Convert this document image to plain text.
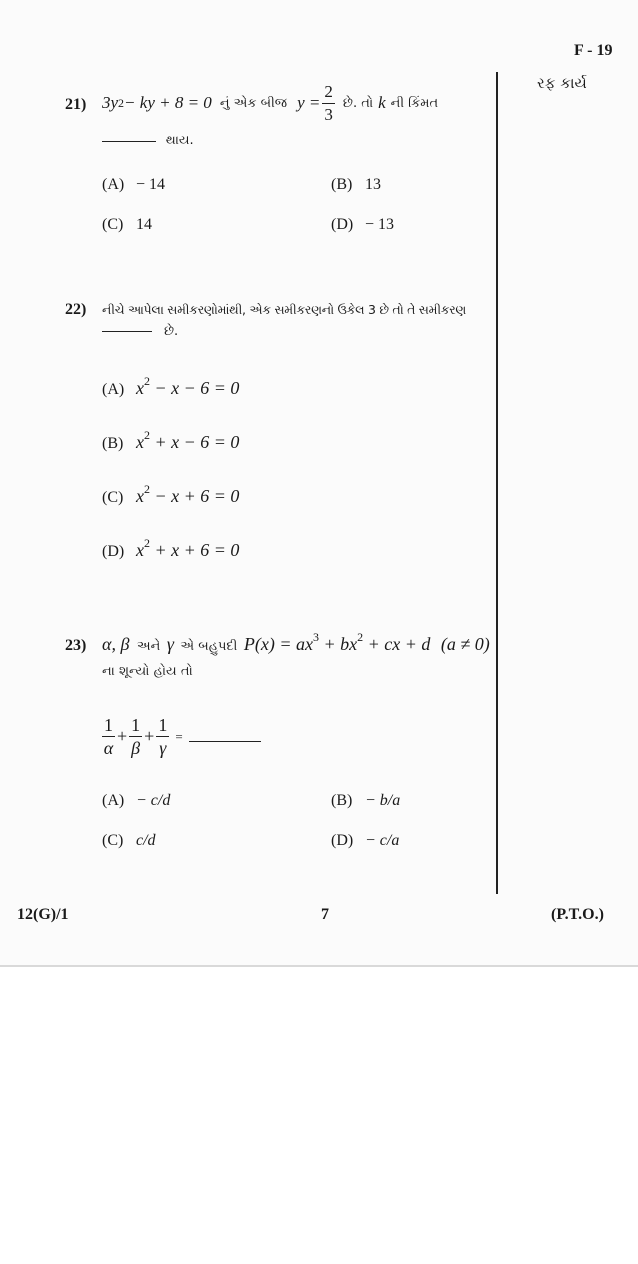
F - 19
રફ કાર્ય
21) 3y 2 − ky + 8 = 0 નું એક બીજ $y = \frac{2}{3}$ છે. તો k ની કિંમત
થાય.
(A) − 14	(B) 13
(C) 14	(D) − 13
22) નીચે આપેલા સમીકરણોમાંથી, એક સમીકરણનો ઉકેલ 3 છે તો તે સમીકરણ
છે.
(A) $x^2 - x - 6 = 0$
(B) $x^2 + x - 6 = 0$
(C) $x^2 - x + 6 = 0$
(D) $x^2 + x + 6 = 0$
23) α, β અને γ એ બહુપદી $P(x) = ax^3 + bx^2$ + cx + d (a ≠ 0)
ના શૂન્યો હોય તો
$\frac{1}{\alpha} + \frac{1}{\beta} + \frac{1}{\gamma}$ =
(A) − c/d	(B) − b/a
(C) c/d	(D) − c/a
12(G)/1	7	(P.T.O.)
